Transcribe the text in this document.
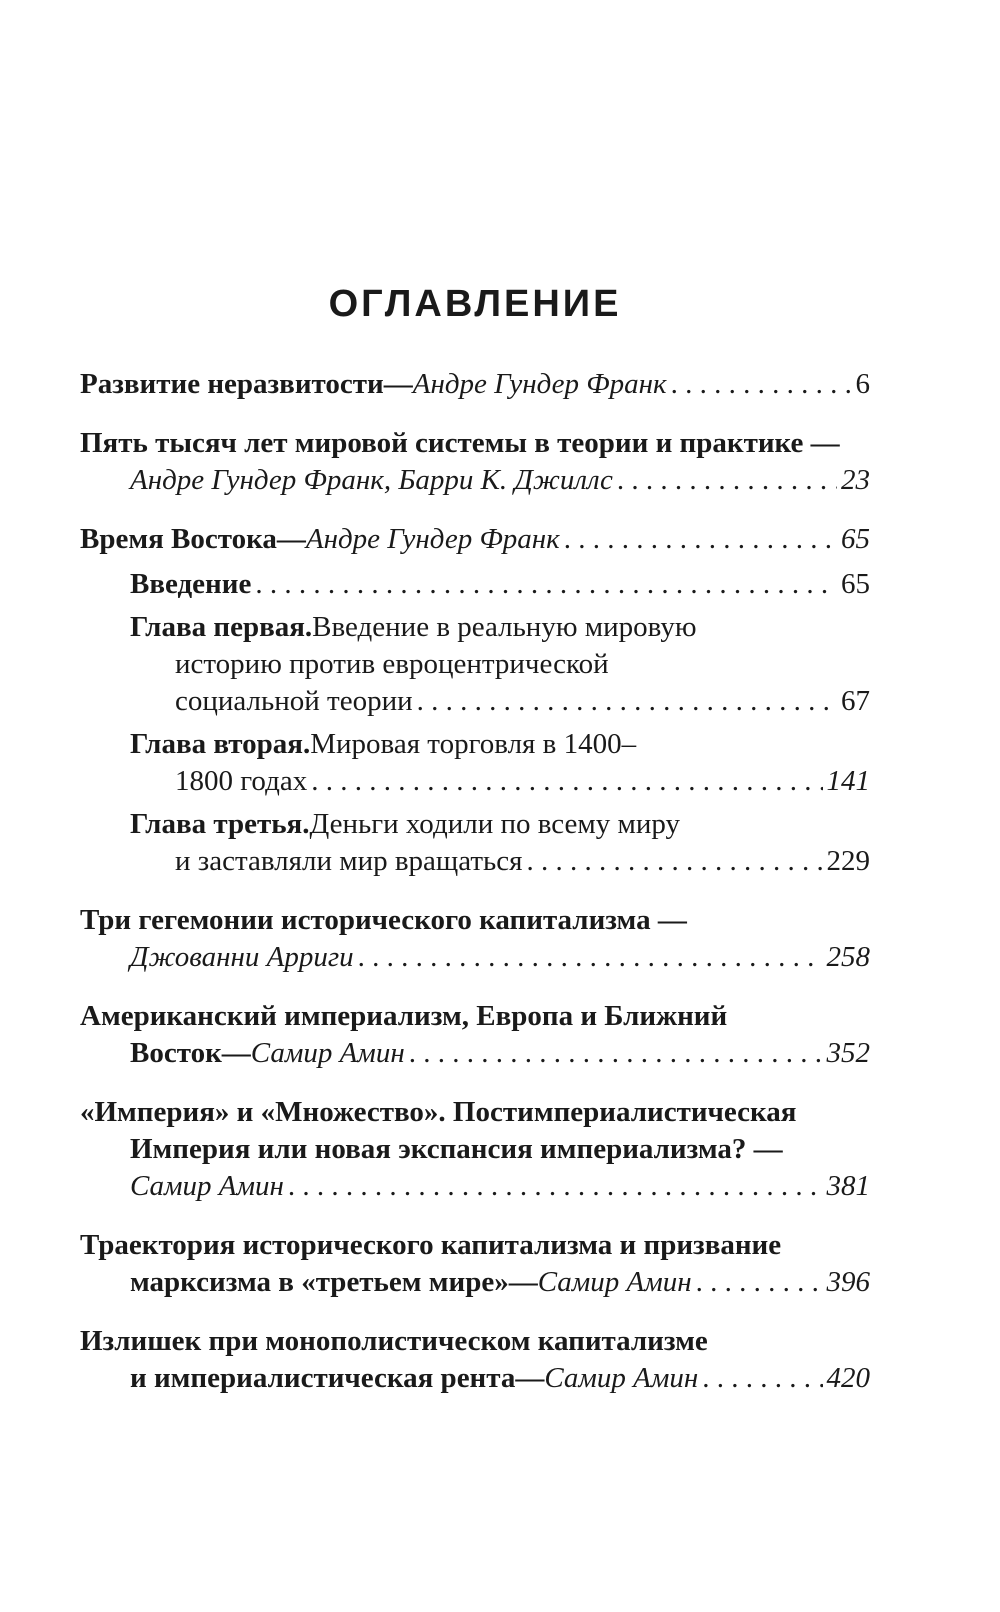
ОГЛАВЛЕНИЕ
Развитие неразвитости — Андре Гундер Франк . . .	6
Пять тысяч лет мировой системы в теории и практике —
Андре Гундер Франк, Барри К. Джиллс . . .	23
Время Востока — Андре Гундер Франк . . .	65
Введение . . .	65
Глава первая. Введение в реальную мировую
историю против евроцентрической
социальной теории . . .	67
Глава вторая. Мировая торговля в 1400–
1800 годах . . .	141
Глава третья. Деньги ходили по всему миру
и заставляли мир вращаться . . .	229
Три гегемонии исторического капитализма —
Джованни Арриги . . .	258
Американский империализм, Европа и Ближний
Восток — Самир Амин . . .	352
«Империя» и «Множество». Постимпериалистическая
Империя или новая экспансия империализма? —
Самир Амин . . .	381
Траектория исторического капитализма и призвание
марксизма в «третьем мире» — Самир Амин . . .	396
Излишек при монополистическом капитализме
и империалистическая рента — Самир Амин . . .	420
